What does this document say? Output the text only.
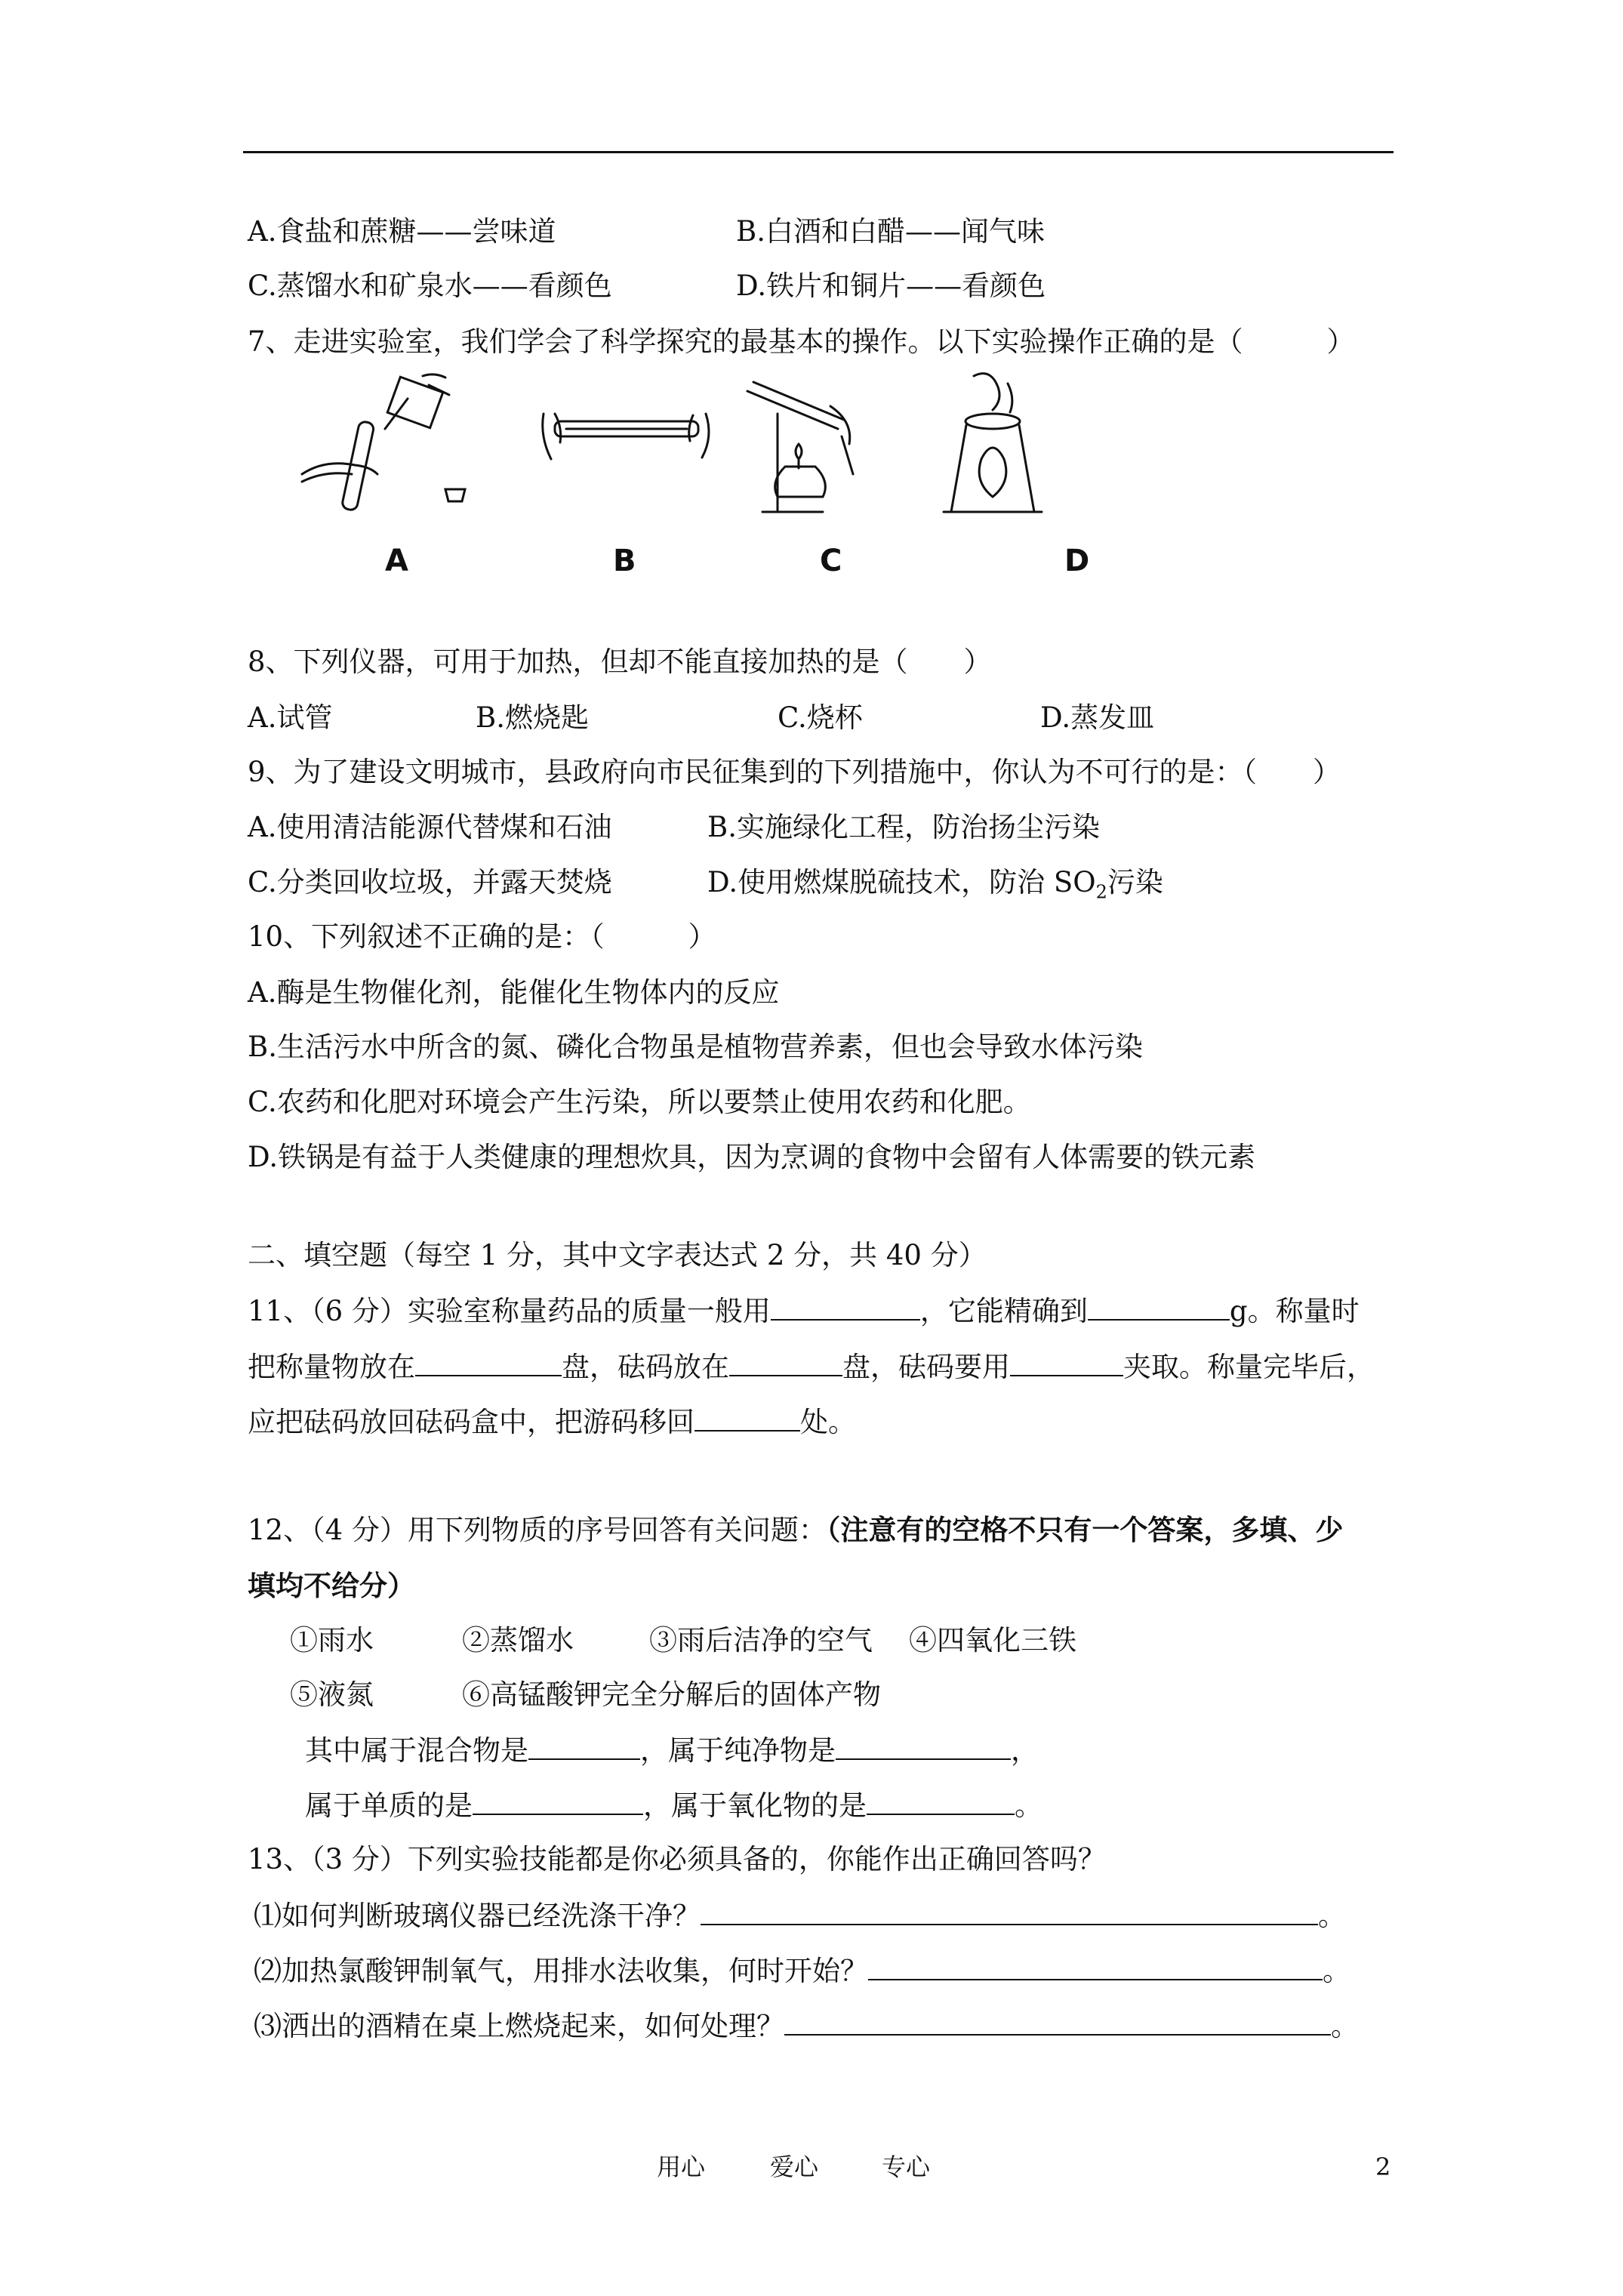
A.食盐和蔗糖——尝味道	B.白酒和白醋——闻气味
C.蒸馏水和矿泉水——看颜色	D.铁片和铜片——看颜色
7、走进实验室，我们学会了科学探究的最基本的操作。以下实验操作正确的是（　　　）
A	B	C	D
8、下列仪器，可用于加热，但却不能直接加热的是（　　）
A.试管	B.燃烧匙	C.烧杯	D.蒸发皿
9、为了建设文明城市，县政府向市民征集到的下列措施中，你认为不可行的是：（　　）
A.使用清洁能源代替煤和石油	B.实施绿化工程，防治扬尘污染
C.分类回收垃圾，并露天焚烧	D.使用燃煤脱硫技术，防治 $SO_2$污染
10、下列叙述不正确的是：（　　　）
A.酶是生物催化剂，能催化生物体内的反应
B.生活污水中所含的氮、磷化合物虽是植物营养素，但也会导致水体污染
C.农药和化肥对环境会产生污染，所以要禁止使用农药和化肥。
D.铁锅是有益于人类健康的理想炊具，因为烹调的食物中会留有人体需要的铁元素
二、填空题（每空 1 分，其中文字表达式 2 分，共 40 分）
11、（6 分）实验室称量药品的质量一般用	，它能精确到	g。称量时
把称量物放在	盘，砝码放在	盘，砝码要用	夹取。称量完毕后，
应把砝码放回砝码盒中，把游码移回	处。
12、（4 分）用下列物质的序号回答有关问题：（注意有的空格不只有一个答案，多填、少
填均不给分）
①雨水	②蒸馏水	③雨后洁净的空气 ④四氧化三铁
⑤液氮	⑥高锰酸钾完全分解后的固体产物
其中属于混合物是	，属于纯净物是	，
属于单质的是	，属于氧化物的是	。
13、（3 分）下列实验技能都是你必须具备的，你能作出正确回答吗？
⑴如何判断玻璃仪器已经洗涤干净？	。
⑵加热氯酸钾制氧气，用排水法收集，何时开始？	。
⑶洒出的酒精在桌上燃烧起来，如何处理？	。
用心	爱心	专心	2
